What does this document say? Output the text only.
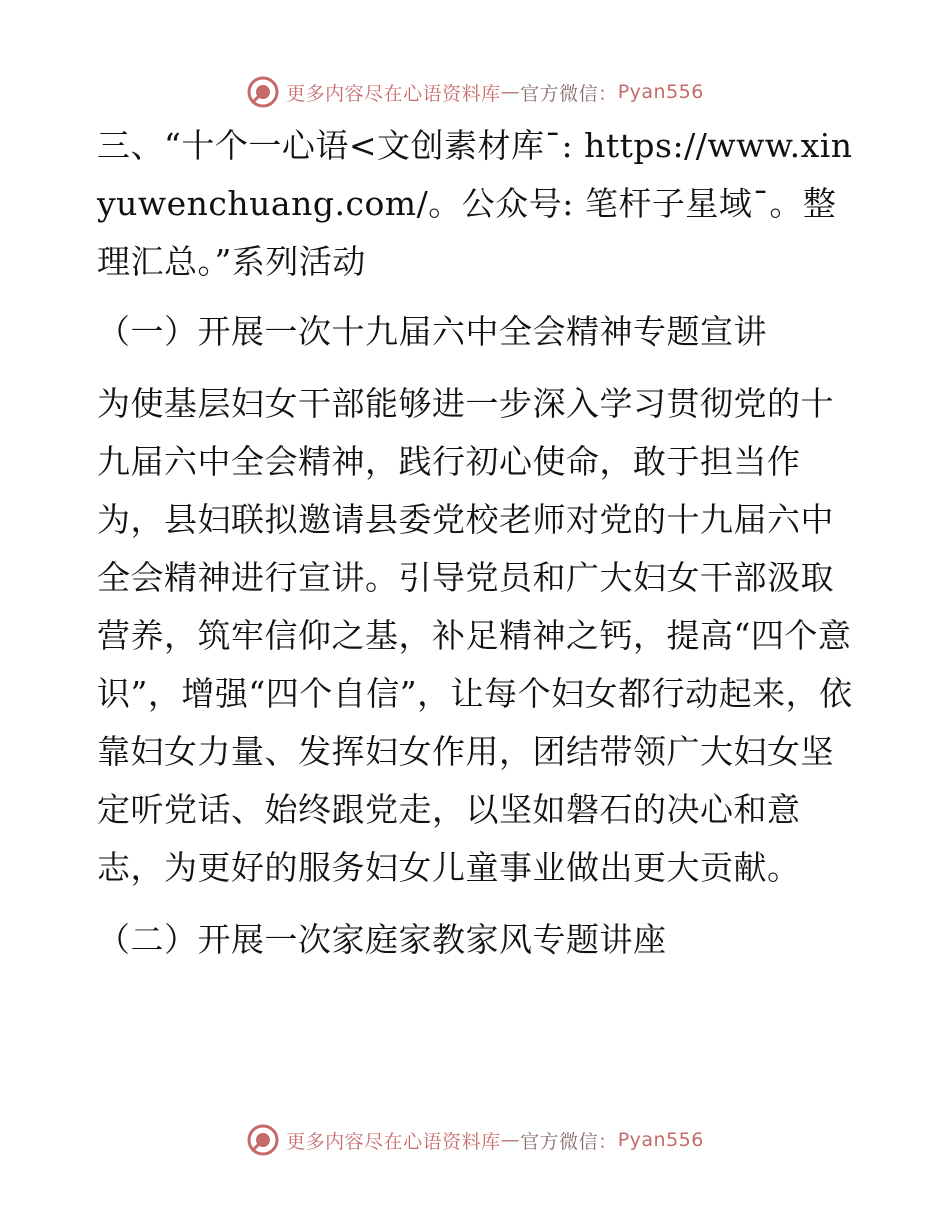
更多内容尽在心语资料库 — 官方微信： Pyan556

三、“十个一心语<文创素材库¯: https://www.xinyuwenchuang.com/。公众号: 笔杆子星域¯。整理汇总。”系列活动

（一）开展一次十九届六中全会精神专题宣讲

为使基层妇女干部能够进一步深入学习贯彻党的十九届六中全会精神，践行初心使命，敢于担当作为，县妇联拟邀请县委党校老师对党的十九届六中全会精神进行宣讲。引导党员和广大妇女干部汲取营养，筑牢信仰之基，补足精神之钙，提高“四个意识”，增强“四个自信”，让每个妇女都行动起来，依靠妇女力量、发挥妇女作用，团结带领广大妇女坚定听党话、始终跟党走，以坚如磐石的决心和意志，为更好的服务妇女儿童事业做出更大贡献。

（二）开展一次家庭家教家风专题讲座

更多内容尽在心语资料库 — 官方微信： Pyan556
